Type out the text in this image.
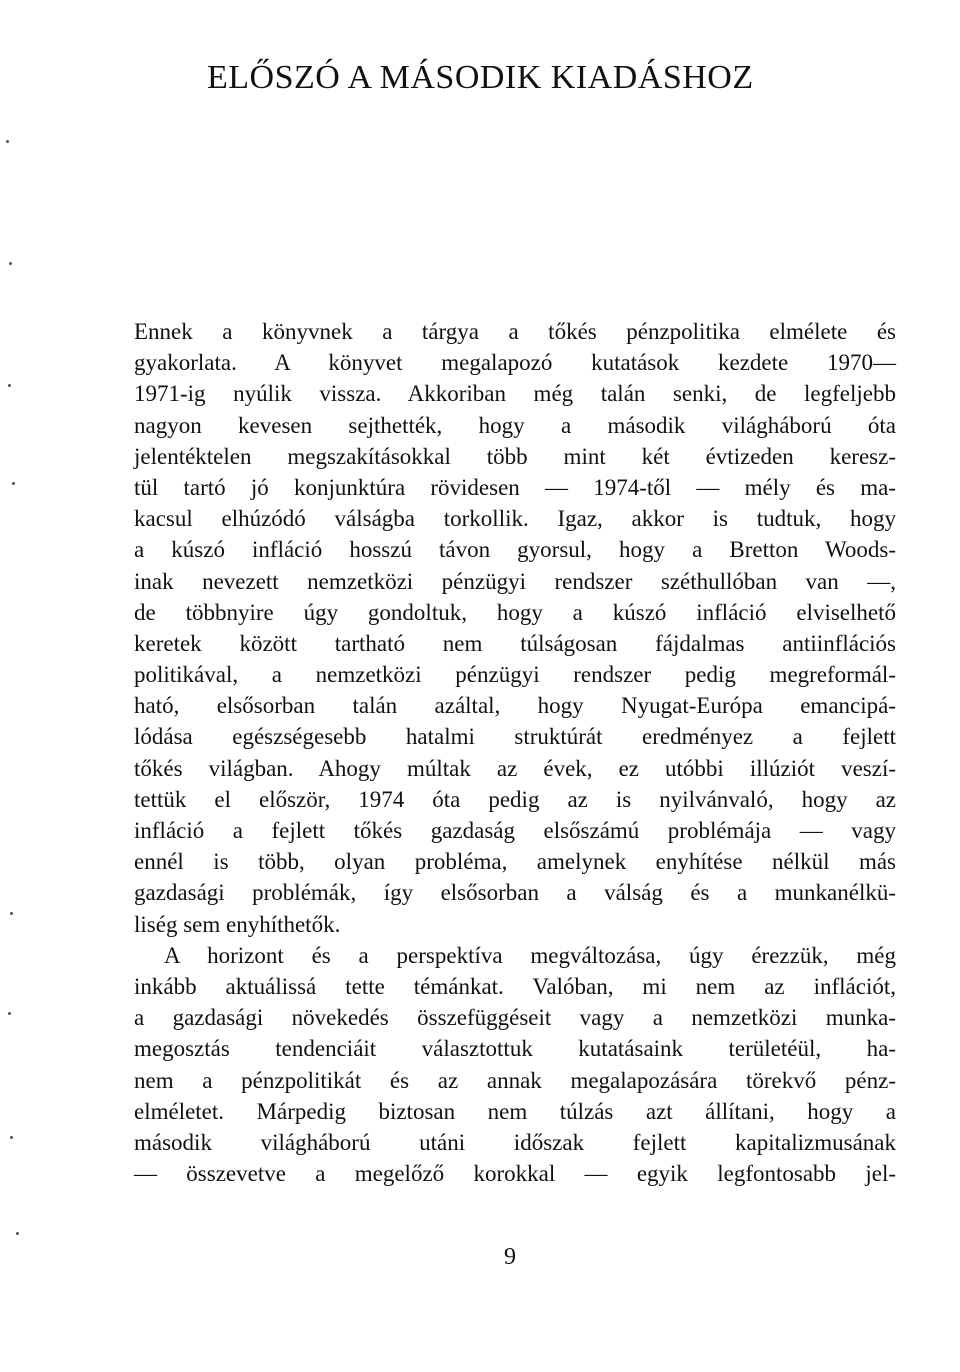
ELŐSZÓ A MÁSODIK KIADÁSHOZ
Ennek a könyvnek a tárgya a tőkés pénzpolitika elmélete és
gyakorlata. A könyvet megalapozó kutatások kezdete 1970—
1971-ig nyúlik vissza. Akkoriban még talán senki, de legfeljebb
nagyon kevesen sejthették, hogy a második világháború óta
jelentéktelen megszakításokkal több mint két évtizeden keresz-
tül tartó jó konjunktúra rövidesen — 1974-től — mély és ma-
kacsul elhúzódó válságba torkollik. Igaz, akkor is tudtuk, hogy
a kúszó infláció hosszú távon gyorsul, hogy a Bretton Woods-
inak nevezett nemzetközi pénzügyi rendszer széthullóban van —,
de többnyire úgy gondoltuk, hogy a kúszó infláció elviselhető
keretek között tartható nem túlságosan fájdalmas antiinflációs
politikával, a nemzetközi pénzügyi rendszer pedig megreformál-
ható, elsősorban talán azáltal, hogy Nyugat-Európa emancipá-
lódása egészségesebb hatalmi struktúrát eredményez a fejlett
tőkés világban. Ahogy múltak az évek, ez utóbbi illúziót veszí-
tettük el először, 1974 óta pedig az is nyilvánvaló, hogy az
infláció a fejlett tőkés gazdaság elsőszámú problémája — vagy
ennél is több, olyan probléma, amelynek enyhítése nélkül más
gazdasági problémák, így elsősorban a válság és a munkanélkü-
liség sem enyhíthetők.
A horizont és a perspektíva megváltozása, úgy érezzük, még
inkább aktuálissá tette témánkat. Valóban, mi nem az inflációt,
a gazdasági növekedés összefüggéseit vagy a nemzetközi munka-
megosztás tendenciáit választottuk kutatásaink területéül, ha-
nem a pénzpolitikát és az annak megalapozására törekvő pénz-
elméletet. Márpedig biztosan nem túlzás azt állítani, hogy a
második világháború utáni időszak fejlett kapitalizmusának
— összevetve a megelőző korokkal — egyik legfontosabb jel-

9
